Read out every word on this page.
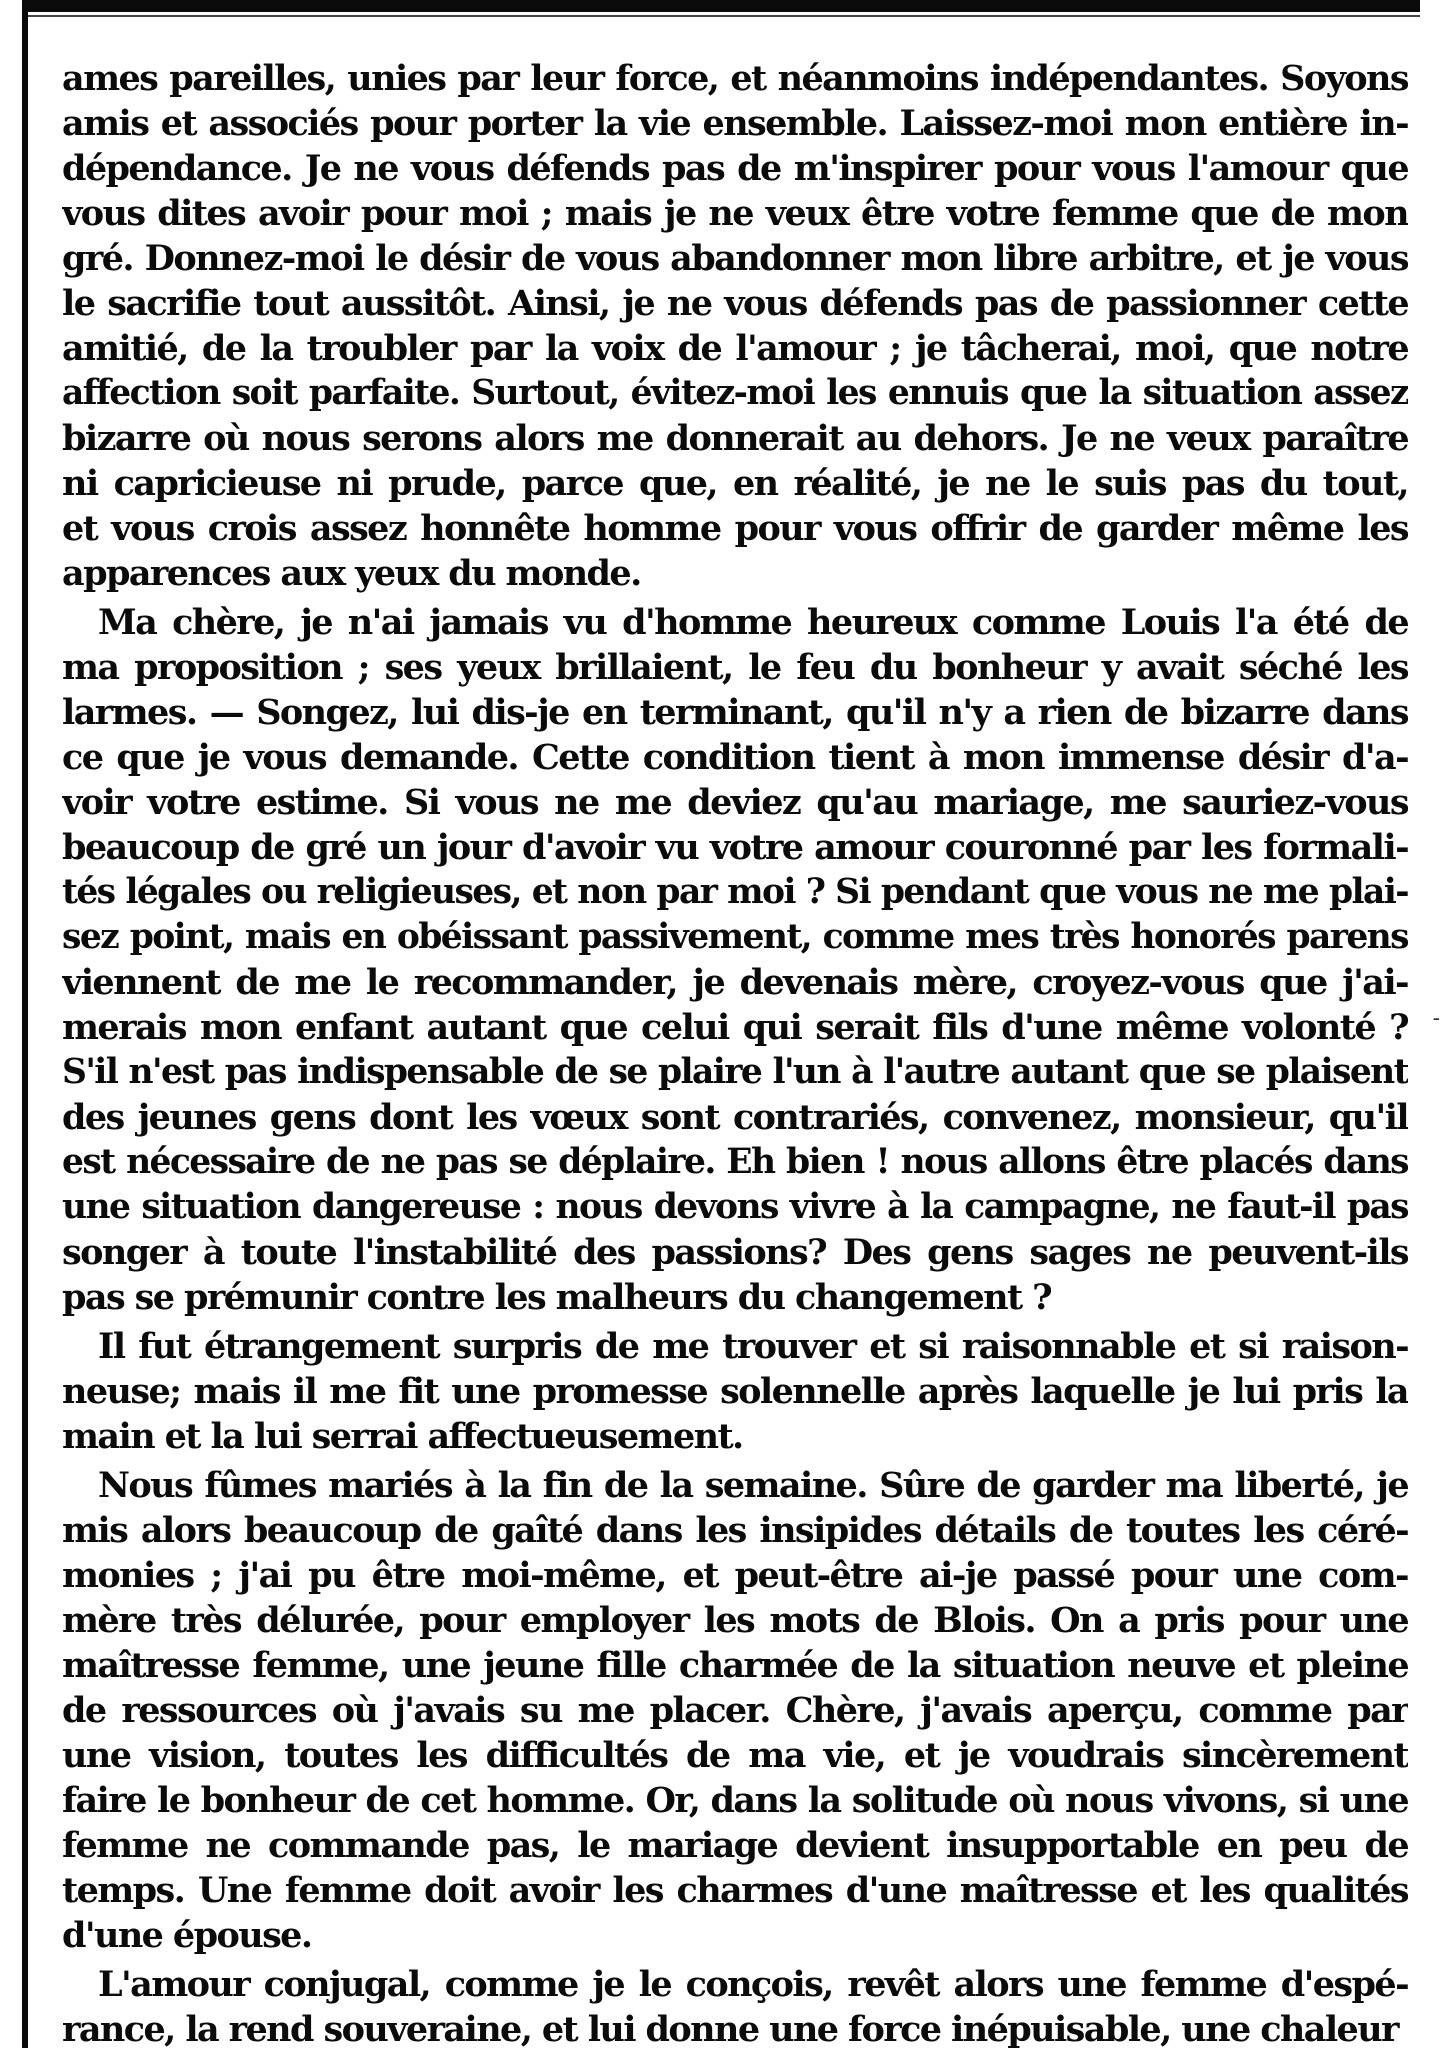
-
ames pareilles, unies par leur force, et néanmoins indépendantes. Soyons
amis et associés pour porter la vie ensemble. Laissez-moi mon entière in-
dépendance. Je ne vous défends pas de m'inspirer pour vous l'amour que
vous dites avoir pour moi ; mais je ne veux être votre femme que de mon
gré. Donnez-moi le désir de vous abandonner mon libre arbitre, et je vous
le sacrifie tout aussitôt. Ainsi, je ne vous défends pas de passionner cette
amitié, de la troubler par la voix de l'amour ; je tâcherai, moi, que notre
affection soit parfaite. Surtout, évitez-moi les ennuis que la situation assez
bizarre où nous serons alors me donnerait au dehors. Je ne veux paraître
ni capricieuse ni prude, parce que, en réalité, je ne le suis pas du tout,
et vous crois assez honnête homme pour vous offrir de garder même les
apparences aux yeux du monde.
Ma chère, je n'ai jamais vu d'homme heureux comme Louis l'a été de
ma proposition ; ses yeux brillaient, le feu du bonheur y avait séché les
larmes. — Songez, lui dis-je en terminant, qu'il n'y a rien de bizarre dans
ce que je vous demande. Cette condition tient à mon immense désir d'a-
voir votre estime. Si vous ne me deviez qu'au mariage, me sauriez-vous
beaucoup de gré un jour d'avoir vu votre amour couronné par les formali-
tés légales ou religieuses, et non par moi ? Si pendant que vous ne me plai-
sez point, mais en obéissant passivement, comme mes très honorés parens
viennent de me le recommander, je devenais mère, croyez-vous que j'ai-
merais mon enfant autant que celui qui serait fils d'une même volonté ?
S'il n'est pas indispensable de se plaire l'un à l'autre autant que se plaisent
des jeunes gens dont les vœux sont contrariés, convenez, monsieur, qu'il
est nécessaire de ne pas se déplaire. Eh bien ! nous allons être placés dans
une situation dangereuse : nous devons vivre à la campagne, ne faut-il pas
songer à toute l'instabilité des passions? Des gens sages ne peuvent-ils
pas se prémunir contre les malheurs du changement ?
Il fut étrangement surpris de me trouver et si raisonnable et si raison-
neuse; mais il me fit une promesse solennelle après laquelle je lui pris la
main et la lui serrai affectueusement.
Nous fûmes mariés à la fin de la semaine. Sûre de garder ma liberté, je
mis alors beaucoup de gaîté dans les insipides détails de toutes les céré-
monies ; j'ai pu être moi-même, et peut-être ai-je passé pour une com-
mère très délurée, pour employer les mots de Blois. On a pris pour une
maîtresse femme, une jeune fille charmée de la situation neuve et pleine
de ressources où j'avais su me placer. Chère, j'avais aperçu, comme par
une vision, toutes les difficultés de ma vie, et je voudrais sincèrement
faire le bonheur de cet homme. Or, dans la solitude où nous vivons, si une
femme ne commande pas, le mariage devient insupportable en peu de
temps. Une femme doit avoir les charmes d'une maîtresse et les qualités
d'une épouse.
L'amour conjugal, comme je le conçois, revêt alors une femme d'espé-
rance, la rend souveraine, et lui donne une force inépuisable, une chaleur
